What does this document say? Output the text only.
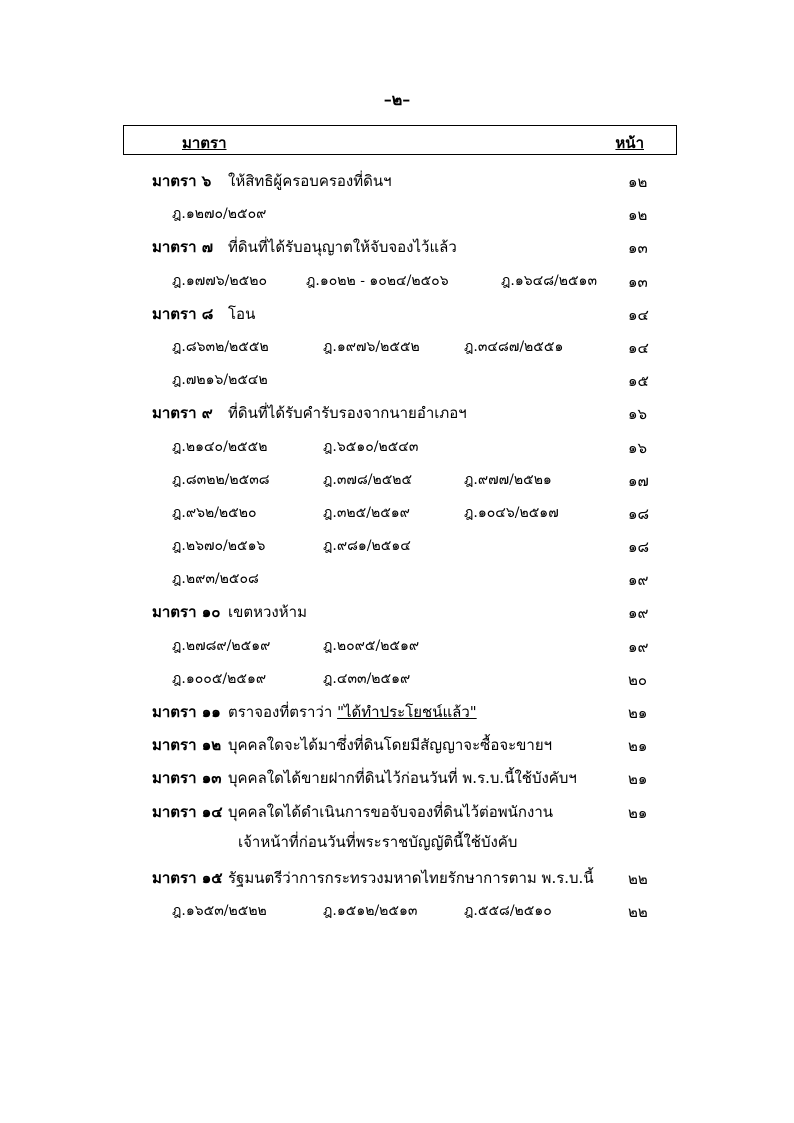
–๒–
มาตรา	หน้า
มาตรา ๖ ให้สิทธิผู้ครอบครองที่ดินฯ	๑๒
ฎ.๑๒๗๐/๒๕๐๙	๑๒
มาตรา ๗ ที่ดินที่ได้รับอนุญาตให้จับจองไว้แล้ว	๑๓
ฎ.๑๗๗๖/๒๕๒๐	ฎ.๑๐๒๒ - ๑๐๒๔/๒๕๐๖	ฎ.๑๖๔๘/๒๕๑๓ ๑๓
มาตรา ๘ โอน	๑๔
ฎ.๘๖๓๒/๒๕๕๒	ฎ.๑๙๗๖/๒๕๕๒	ฎ.๓๔๘๗/๒๕๕๑	๑๔
ฎ.๗๒๑๖/๒๕๔๒	๑๕
มาตรา ๙ ที่ดินที่ได้รับคำรับรองจากนายอำเภอฯ	๑๖
ฎ.๒๑๔๐/๒๕๕๒	ฎ.๖๕๑๐/๒๕๔๓	๑๖
ฎ.๘๓๒๒/๒๕๓๘	ฎ.๓๗๘/๒๕๒๕	ฎ.๙๗๗/๒๕๒๑	๑๗
ฎ.๙๖๒/๒๕๒๐	ฎ.๓๒๕/๒๕๑๙	ฎ.๑๐๔๖/๒๕๑๗	๑๘
ฎ.๒๖๗๐/๒๕๑๖	ฎ.๙๘๑/๒๕๑๔	๑๘
ฎ.๒๙๓/๒๕๐๘	๑๙
มาตรา ๑๐ เขตหวงห้าม	๑๙
ฎ.๒๗๘๙/๒๕๑๙	ฎ.๒๐๙๕/๒๕๑๙	๑๙
ฎ.๑๐๐๕/๒๕๑๙	ฎ.๔๓๓/๒๕๑๙	๒๐
มาตรา ๑๑ ตราจองที่ตราว่า "ได้ทำประโยชน์แล้ว"	๒๑
มาตรา ๑๒ บุคคลใดจะได้มาซึ่งที่ดินโดยมีสัญญาจะซื้อจะขายฯ	๒๑
มาตรา ๑๓ บุคคลใดได้ขายฝากที่ดินไว้ก่อนวันที่ พ.ร.บ.นี้ใช้บังคับฯ	๒๑
มาตรา ๑๔ บุคคลใดได้ดำเนินการขอจับจองที่ดินไว้ต่อพนักงาน	๒๑
เจ้าหน้าที่ก่อนวันที่พระราชบัญญัตินี้ใช้บังคับ
มาตรา ๑๕ รัฐมนตรีว่าการกระทรวงมหาดไทยรักษาการตาม พ.ร.บ.นี้ ๒๒
ฎ.๑๖๕๓/๒๕๒๒	ฎ.๑๕๑๒/๒๕๑๓	ฎ.๕๕๘/๒๕๑๐	๒๒
